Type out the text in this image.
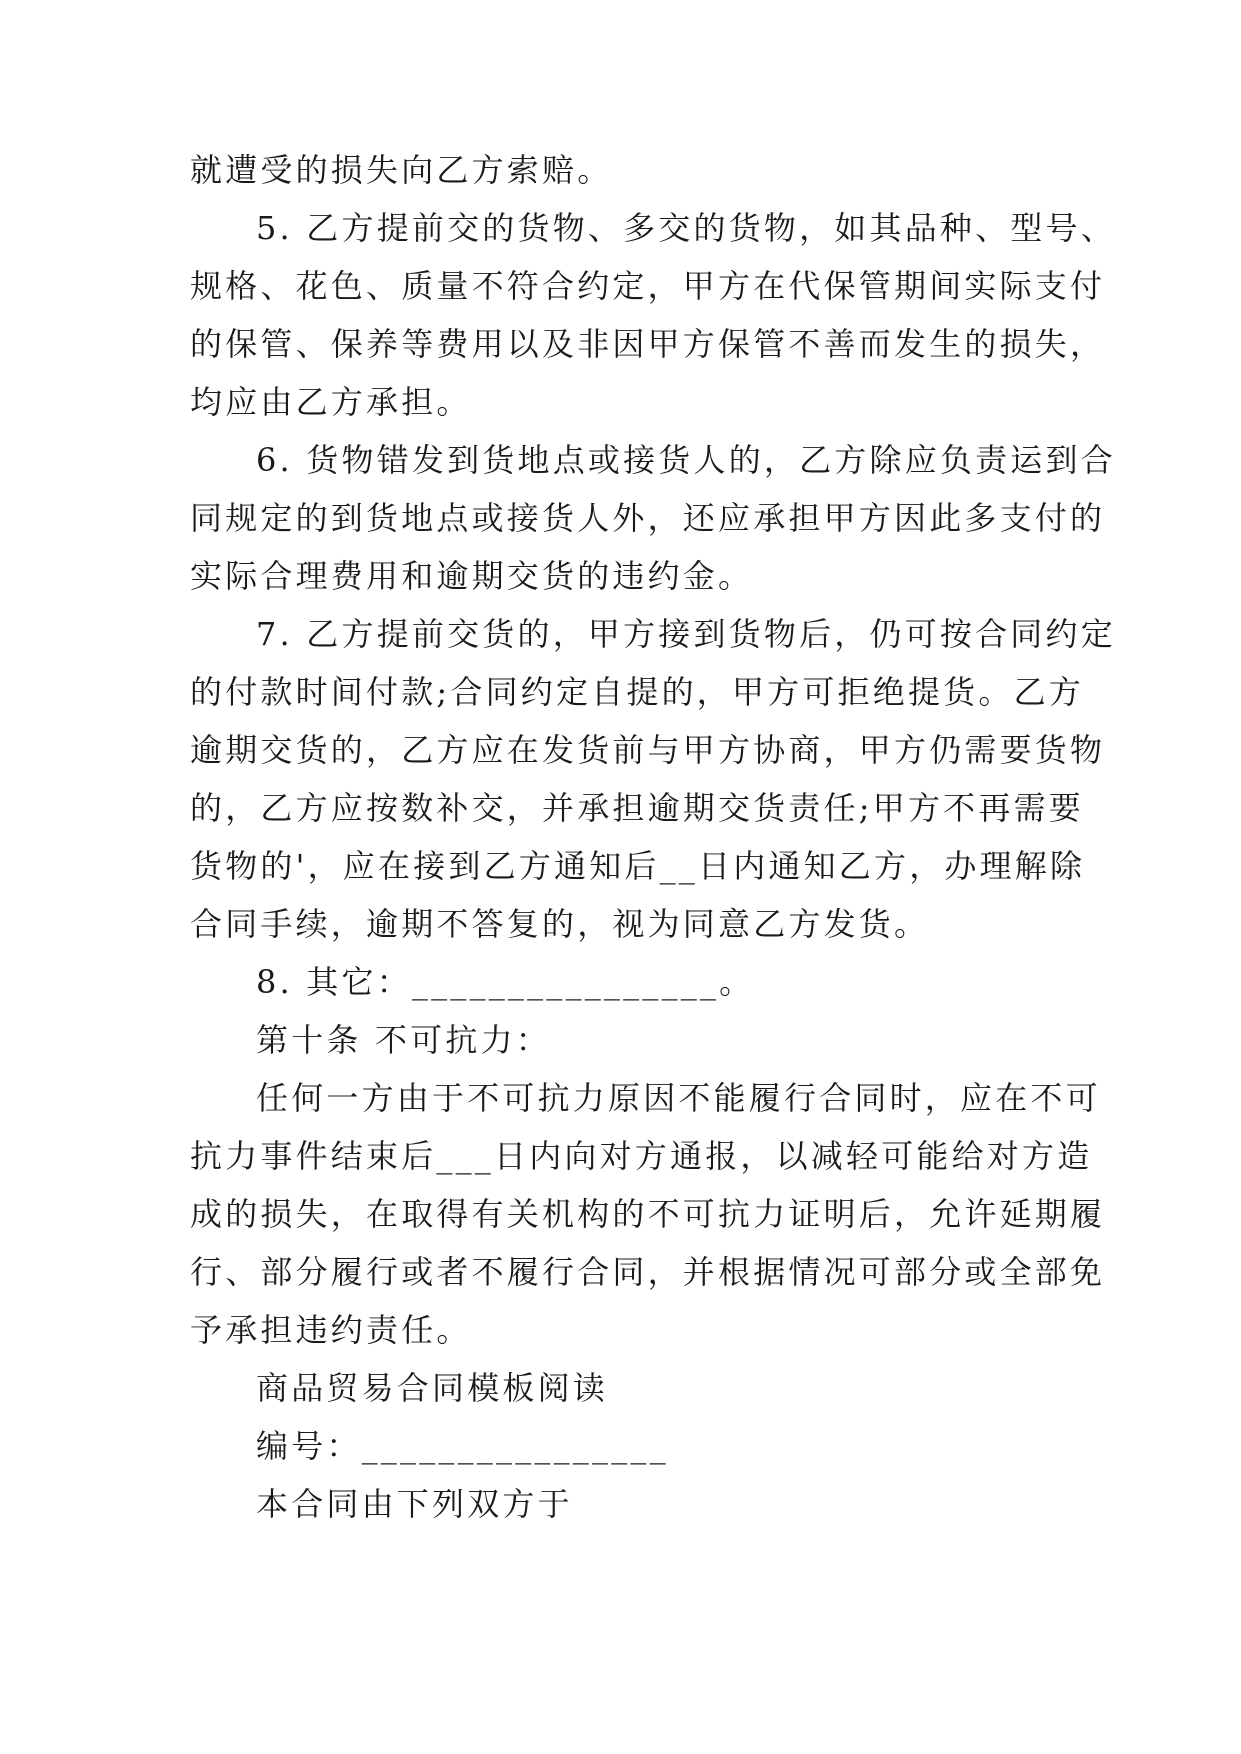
就遭受的损失向乙方索赔。
5. 乙方提前交的货物、多交的货物，如其品种、型号、
规格、花色、质量不符合约定，甲方在代保管期间实际支付
的保管、保养等费用以及非因甲方保管不善而发生的损失，
均应由乙方承担。
6. 货物错发到货地点或接货人的，乙方除应负责运到合
同规定的到货地点或接货人外，还应承担甲方因此多支付的
实际合理费用和逾期交货的违约金。
7. 乙方提前交货的，甲方接到货物后，仍可按合同约定
的付款时间付款;合同约定自提的，甲方可拒绝提货。乙方
逾期交货的，乙方应在发货前与甲方协商，甲方仍需要货物
的，乙方应按数补交，并承担逾期交货责任;甲方不再需要
货物的'，应在接到乙方通知后__日内通知乙方，办理解除
合同手续，逾期不答复的，视为同意乙方发货。
8. 其它：________________。
第十条 不可抗力：
任何一方由于不可抗力原因不能履行合同时，应在不可
抗力事件结束后___日内向对方通报，以减轻可能给对方造
成的损失，在取得有关机构的不可抗力证明后，允许延期履
行、部分履行或者不履行合同，并根据情况可部分或全部免
予承担违约责任。
商品贸易合同模板阅读
编号：________________
本合同由下列双方于
